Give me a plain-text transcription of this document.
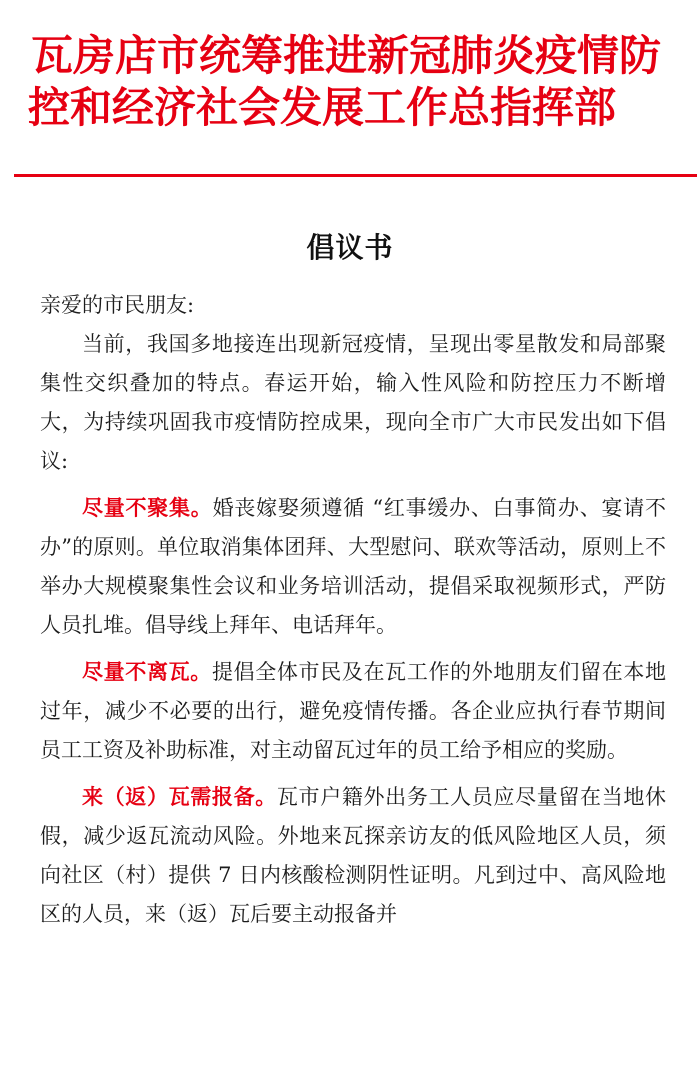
瓦房店市统筹推进新冠肺炎疫情防
控和经济社会发展工作总指挥部
倡议书

亲爱的市民朋友:

当前，我国多地接连出现新冠疫情，呈现出零星散发和局部聚集性交织叠加的特点。春运开始，输入性风险和防控压力不断增大，为持续巩固我市疫情防控成果，现向全市广大市民发出如下倡议:

尽量不聚集。婚丧嫁娶须遵循 “红事缓办、白事简办、宴请不办”的原则。单位取消集体团拜、大型慰问、联欢等活动，原则上不举办大规模聚集性会议和业务培训活动，提倡采取视频形式，严防人员扎堆。倡导线上拜年、电话拜年。

尽量不离瓦。提倡全体市民及在瓦工作的外地朋友们留在本地过年，减少不必要的出行，避免疫情传播。各企业应执行春节期间员工工资及补助标准，对主动留瓦过年的员工给予相应的奖励。

来（返）瓦需报备。瓦市户籍外出务工人员应尽量留在当地休假，减少返瓦流动风险。外地来瓦探亲访友的低风险地区人员，须向社区（村）提供 7 日内核酸检测阴性证明。凡到过中、高风险地区的人员，来（返）瓦后要主动报备并
